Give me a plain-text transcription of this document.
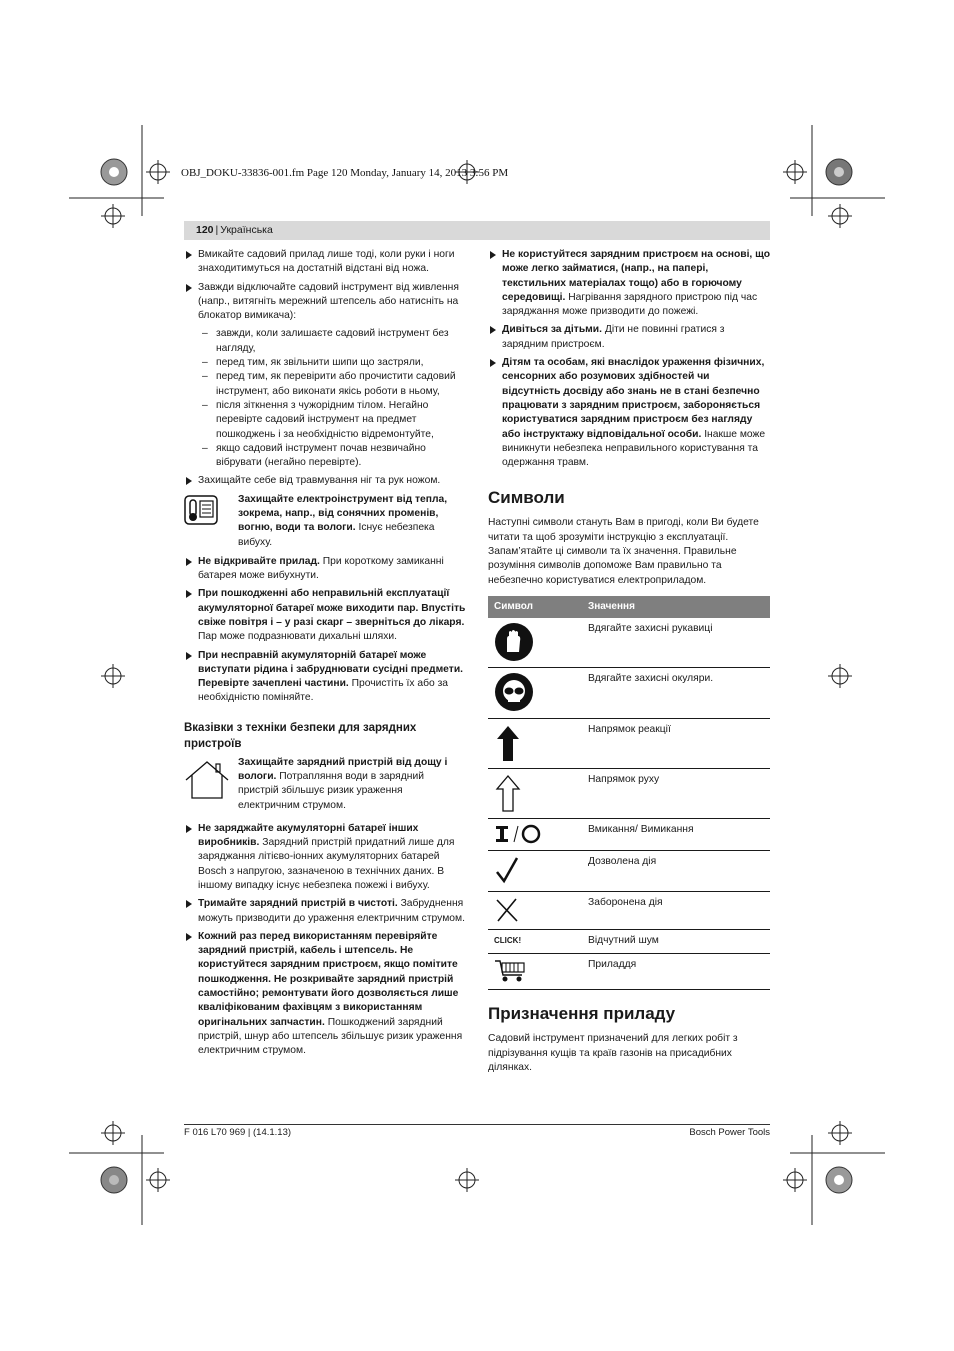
OBJ_DOKU-33836-001.fm Page 120 Monday, January 14, 2013 3:56 PM
120 | Українська

Вмикайте садовий прилад лише тоді, коли руки і ноги знаходитимуться на достатній відстані від ножа.

Завжди відключайте садовий інструмент від живлення (напр., витягніть мережний штепсель або натисніть на блокатор вимикача):

– завжди, коли залишаєте садовий інструмент без нагляду,

– перед тим, як звільнити шипи що застряли,

– перед тим, як перевірити або прочистити садовий інструмент, або виконати якісь роботи в ньому,

– після зіткнення з чужорідним тілом. Негайно перевірте садовий інструмент на предмет пошкоджень і за необхідністю відремонтуйте,

– якщо садовий інструмент почав незвичайно вібрувати (негайно перевірте).

Захищайте себе від травмування ніг та рук ножом.

Захищайте електроінструмент від тепла, зокрема, напр., від сонячних променів, вогню, води та вологи. Існує небезпека вибуху.

Не відкривайте прилад. При короткому замиканні батарея може вибухнути.

При пошкодженні або неправильній експлуатації акумуляторної батареї може виходити пар. Впустіть свіже повітря і – у разі скарг – зверніться до лікаря. Пар може подразнювати дихальні шляхи.

При несправній акумуляторній батареї може виступати рідина і забруднювати сусідні предмети. Перевірте зачеплені частини. Прочистіть їх або за необхідністю поміняйте.

Вказівки з техніки безпеки для зарядних пристроїв
Захищайте зарядний пристрій від дощу і вологи. Потрапляння води в зарядний пристрій збільшує ризик ураження електричним струмом.

Не заряджайте акумуляторні батареї інших виробників. Зарядний пристрій придатний лише для заряджання літієво-іонних акумуляторних батарей Bosch з напругою, зазначеною в технічних даних. В іншому випадку існує небезпека пожежі і вибуху.

Тримайте зарядний пристрій в чистоті. Забруднення можуть призводити до ураження електричним струмом.

Кожний раз перед використанням перевіряйте зарядний пристрій, кабель і штепсель. Не користуйтеся зарядним пристроєм, якщо помітите пошкодження. Не розкривайте зарядний пристрій самостійно; ремонтувати його дозволяється лише кваліфікованим фахівцям з використанням оригінальних запчастин. Пошкоджений зарядний пристрій, шнур або штепсель збільшує ризик ураження електричним струмом.

Не користуйтеся зарядним пристроєм на основі, що може легко займатися, (напр., на папері, текстильних матеріалах тощо) або в горючому середовищі. Нагрівання зарядного пристрою під час заряджання може призводити до пожежі.

Дивіться за дітьми. Діти не повинні гратися з зарядним пристроєм.

Дітям та особам, які внаслідок ураження фізичних, сенсорних або розумових здібностей чи відсутність досвіду або знань не в стані безпечно працювати з зарядним пристроєм, забороняється користуватися зарядним пристроєм без нагляду або інструктажу відповідальної особи. Інакше може виникнути небезпека неправильного користування та одержання травм.

Символи

Наступні символи стануть Вам в пригоді, коли Ви будете читати та щоб зрозуміти інструкцію з експлуатації. Запам’ятайте ці символи та їх значення. Правильне розуміння символів допоможе Вам правильно та небезпечно користуватися електроприладом.

Символ	Значення
	Вдягайте захисні рукавиці
	Вдягайте захисні окуляри.
	Напрямок реакції
	Напрямок руху
	Вмикання/ Вимикання
	Дозволена дія
	Заборонена дія
CLICK!	Відчутний шум
	Приладдя
Призначення приладу

Садовий інструмент призначений для легких робіт з підрізування кущів та країв газонів на присадибних ділянках.

F 016 L70 969 | (14.1.13)	Bosch Power Tools
